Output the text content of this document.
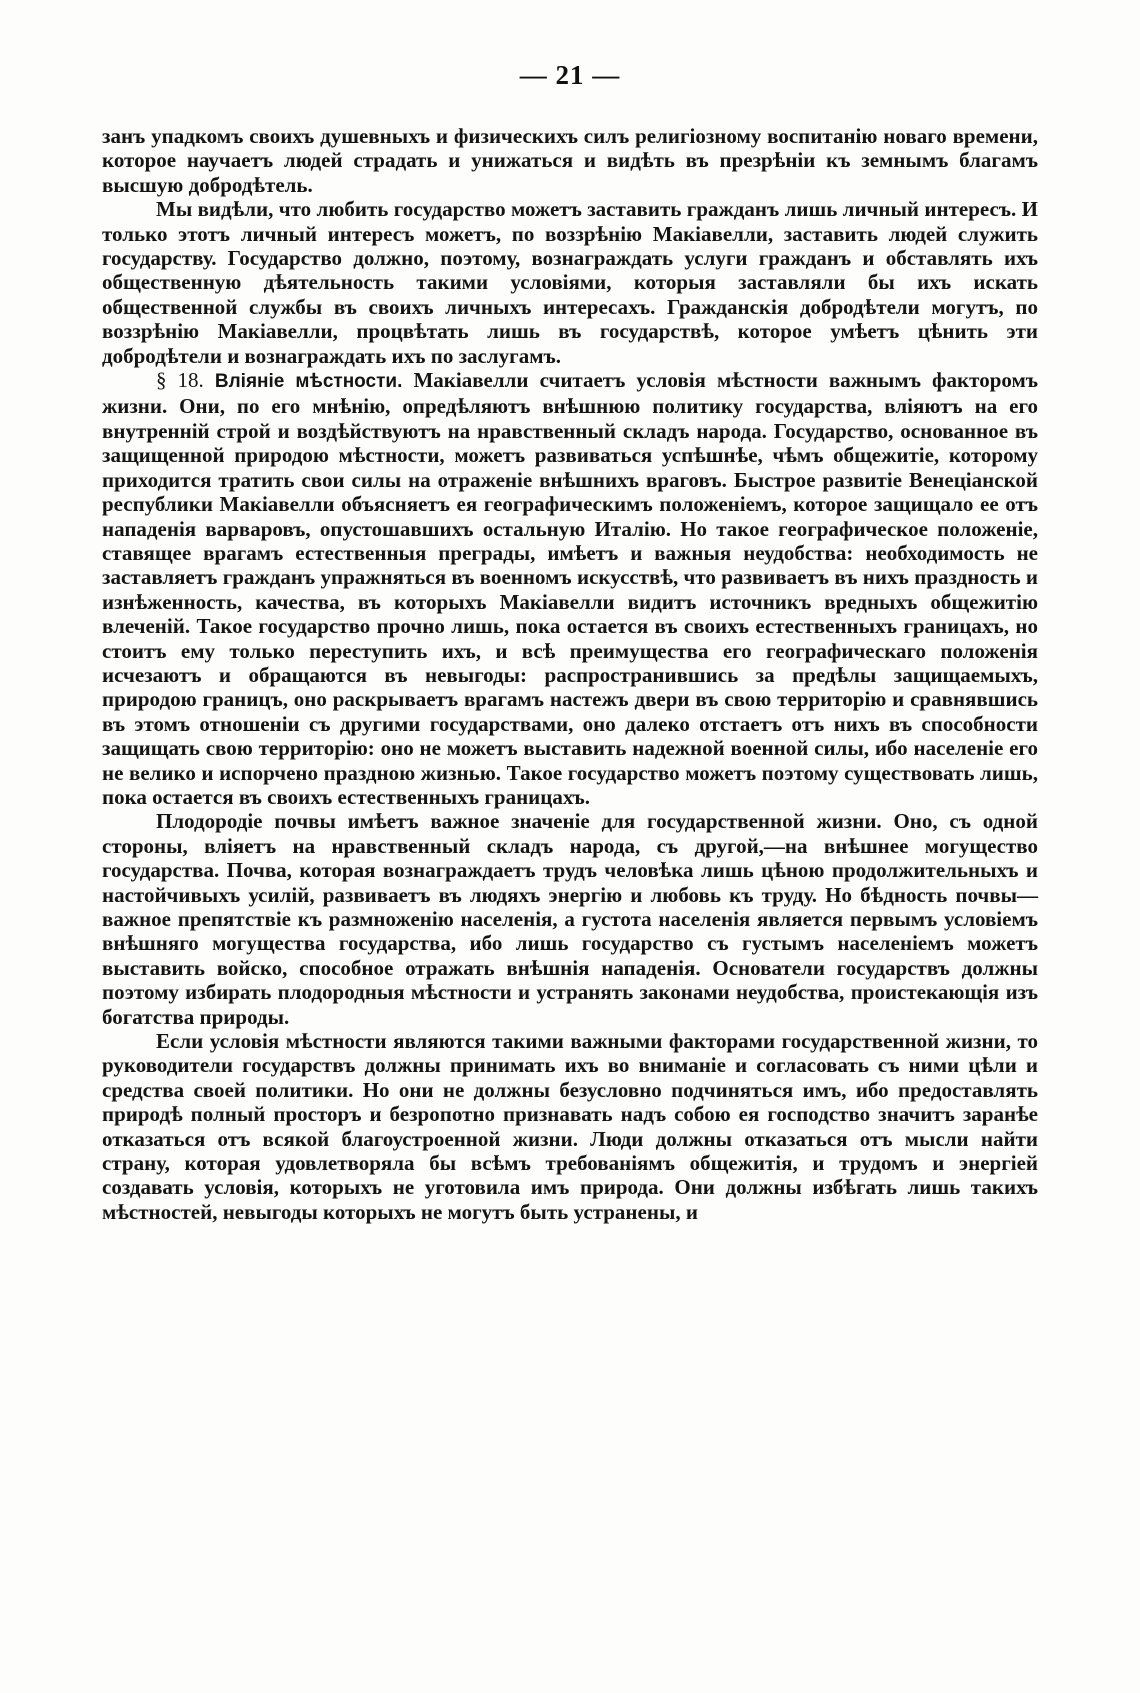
— 21 —

занъ упадкомъ своихъ душевныхъ и физическихъ силъ религіозному воспитанію новаго времени, которое научаетъ людей страдать и унижаться и видѣть въ презрѣніи къ земнымъ благамъ высшую добродѣтель.

Мы видѣли, что любить государство можетъ заставить гражданъ лишь личный интересъ. И только этотъ личный интересъ можетъ, по воззрѣнію Макіавелли, заставить людей служить государству. Государство должно, поэтому, вознаграждать услуги гражданъ и обставлять ихъ общественную дѣятельность такими условіями, которыя заставляли бы ихъ искать общественной службы въ своихъ личныхъ интересахъ. Гражданскія добродѣтели могутъ, по воззрѣнію Макіавелли, процвѣтать лишь въ государствѣ, которое умѣетъ цѣнить эти добродѣтели и вознаграждать ихъ по заслугамъ.

§ 18. Вліяніе мѣстности. Макіавелли считаетъ условія мѣстности важнымъ факторомъ жизни. Они, по его мнѣнію, опредѣляютъ внѣшнюю политику государства, вліяютъ на его внутренній строй и воздѣйствуютъ на нравственный складъ народа. Государство, основанное въ защищенной природою мѣстности, можетъ развиваться успѣшнѣе, чѣмъ общежитіе, которому приходится тратить свои силы на отраженіе внѣшнихъ враговъ. Быстрое развитіе Венеціанской республики Макіавелли объясняетъ ея географическимъ положеніемъ, которое защищало ее отъ нападенія варваровъ, опустошавшихъ остальную Италію. Но такое географическое положеніе, ставящее врагамъ естественныя преграды, имѣетъ и важныя неудобства: необходимость не заставляетъ гражданъ упражняться въ военномъ искусствѣ, что развиваетъ въ нихъ праздность и изнѣженность, качества, въ которыхъ Макіавелли видитъ источникъ вредныхъ общежитію влеченій. Такое государство прочно лишь, пока остается въ своихъ естественныхъ границахъ, но стоитъ ему только переступить ихъ, и всѣ преимущества его географическаго положенія исчезаютъ и обращаются въ невыгоды: распространившись за предѣлы защищаемыхъ, природою границъ, оно раскрываетъ врагамъ настежъ двери въ свою территорію и сравнявшись въ этомъ отношеніи съ другими государствами, оно далеко отстаетъ отъ нихъ въ способности защищать свою территорію: оно не можетъ выставить надежной военной силы, ибо населеніе его не велико и испорчено праздною жизнью. Такое государство можетъ поэтому существовать лишь, пока остается въ своихъ естественныхъ границахъ.

Плодородіе почвы имѣетъ важное значеніе для государственной жизни. Оно, съ одной стороны, вліяетъ на нравственный складъ народа, съ другой,—на внѣшнее могущество государства. Почва, которая вознаграждаетъ трудъ человѣка лишь цѣною продолжительныхъ и настойчивыхъ усилій, развиваетъ въ людяхъ энергію и любовь къ труду. Но бѣдность почвы—важное препятствіе къ размноженію населенія, а густота населенія является первымъ условіемъ внѣшняго могущества государства, ибо лишь государство съ густымъ населеніемъ можетъ выставить войско, способное отражать внѣшнія нападенія. Основатели государствъ должны поэтому избирать плодородныя мѣстности и устранять законами неудобства, проистекающія изъ богатства природы.

Если условія мѣстности являются такими важными факторами государственной жизни, то руководители государствъ должны принимать ихъ во вниманіе и согласовать съ ними цѣли и средства своей политики. Но они не должны безусловно подчиняться имъ, ибо предоставлять природѣ полный просторъ и безропотно признавать надъ собою ея господство значитъ заранѣе отказаться отъ всякой благоустроенной жизни. Люди должны отказаться отъ мысли найти страну, которая удовлетворяла бы всѣмъ требованіямъ общежитія, и трудомъ и энергіей создавать условія, которыхъ не уготовила имъ природа. Они должны избѣгать лишь такихъ мѣстностей, невыгоды которыхъ не могутъ быть устранены, и
